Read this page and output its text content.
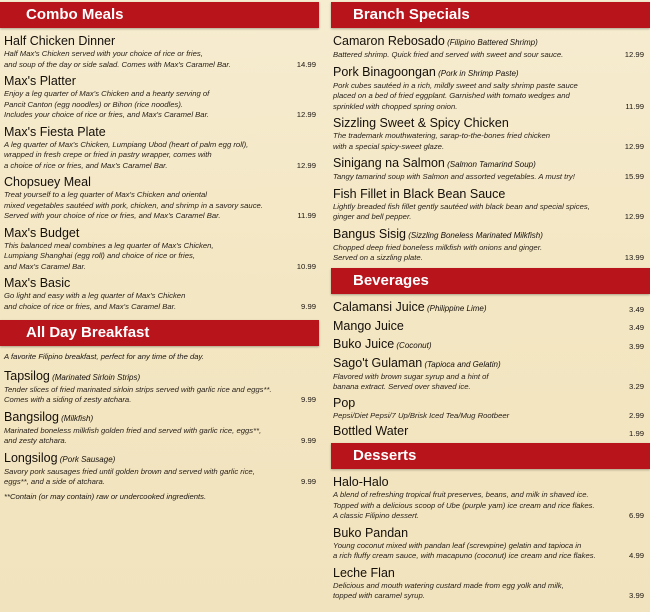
Combo Meals
Half Chicken Dinner
Half Max's Chicken served with your choice of rice or fries,
and soup of the day or side salad. Comes with Max's Caramel Bar.	14.99
Max's Platter
Enjoy a leg quarter of Max's Chicken and a hearty serving of
Pancit Canton (egg noodles) or Bihon (rice noodles).
Includes your choice of rice or fries, and Max's Caramel Bar.	12.99
Max's Fiesta Plate
A leg quarter of Max's Chicken, Lumpiang Ubod (heart of palm egg roll),
wrapped in fresh crepe or fried in pastry wrapper, comes with
a choice of rice or fries, and Max's Caramel Bar.	12.99
Chopsuey Meal
Treat yourself to a leg quarter of Max's Chicken and oriental
mixed vegetables sautéed with pork, chicken, and shrimp in a savory sauce.
Served with your choice of rice or fries, and Max's Caramel Bar.	11.99
Max's Budget
This balanced meal combines a leg quarter of Max's Chicken,
Lumpiang Shanghai (egg roll) and choice of rice or fries,
and Max's Caramel Bar.	10.99
Max's Basic
Go light and easy with a leg quarter of Max's Chicken
and choice of rice or fries, and Max's Caramel Bar.	9.99
All Day Breakfast
A favorite Filipino breakfast, perfect for any time of the day.
Tapsilog (Marinated Sirloin Strips)
Tender slices of fried marinated sirloin strips served with garlic rice and eggs**.
Comes with a siding of zesty atchara.	9.99
Bangsilog (Milkfish)
Marinated boneless milkfish golden fried and served with garlic rice, eggs**,
and zesty atchara.	9.99
Longsilog (Pork Sausage)
Savory pork sausages fried until golden brown and served with garlic rice,
eggs**, and a side of atchara.	9.99
**Contain (or may contain) raw or undercooked ingredients.
Branch Specials
Camaron Rebosado (Filipino Battered Shrimp)
Battered shrimp. Quick fried and served with sweet and sour sauce.	12.99
Pork Binagoongan (Pork in Shrimp Paste)
Pork cubes sautéed in a rich, mildly sweet and salty shrimp paste sauce
placed on a bed of fried eggplant. Garnished with tomato wedges and
sprinkled with chopped spring onion.	11.99
Sizzling Sweet & Spicy Chicken
The trademark mouthwatering, sarap-to-the-bones fried chicken
with a special spicy-sweet glaze.	12.99
Sinigang na Salmon (Salmon Tamarind Soup)
Tangy tamarind soup with Salmon and assorted vegetables. A must try!	15.99
Fish Fillet in Black Bean Sauce
Lightly breaded fish fillet gently sautéed with black bean and special spices,
ginger and bell pepper.	12.99
Bangus Sisig (Sizzling Boneless Marinated Milkfish)
Chopped deep fried boneless milkfish with onions and ginger.
Served on a sizzling plate.	13.99
Beverages
Calamansi Juice (Philippine Lime)	3.49
Mango Juice	3.49
Buko Juice (Coconut)	3.99
Sago't Gulaman (Tapioca and Gelatin)
Flavored with brown sugar syrup and a hint of
banana extract. Served over shaved ice.	3.29
Pop
Pepsi/Diet Pepsi/7 Up/Brisk Iced Tea/Mug Rootbeer	2.99
Bottled Water	1.99
Desserts
Halo-Halo
A blend of refreshing tropical fruit preserves, beans, and milk in shaved ice.
Topped with a delicious scoop of Ube (purple yam) ice cream and rice flakes.
A classic Filipino dessert.	6.99
Buko Pandan
Young coconut mixed with pandan leaf (screwpine) gelatin and tapioca in
a rich fluffy cream sauce, with macapuno (coconut) ice cream and rice flakes.	4.99
Leche Flan
Delicious and mouth watering custard made from egg yolk and milk,
topped with caramel syrup.	3.99
